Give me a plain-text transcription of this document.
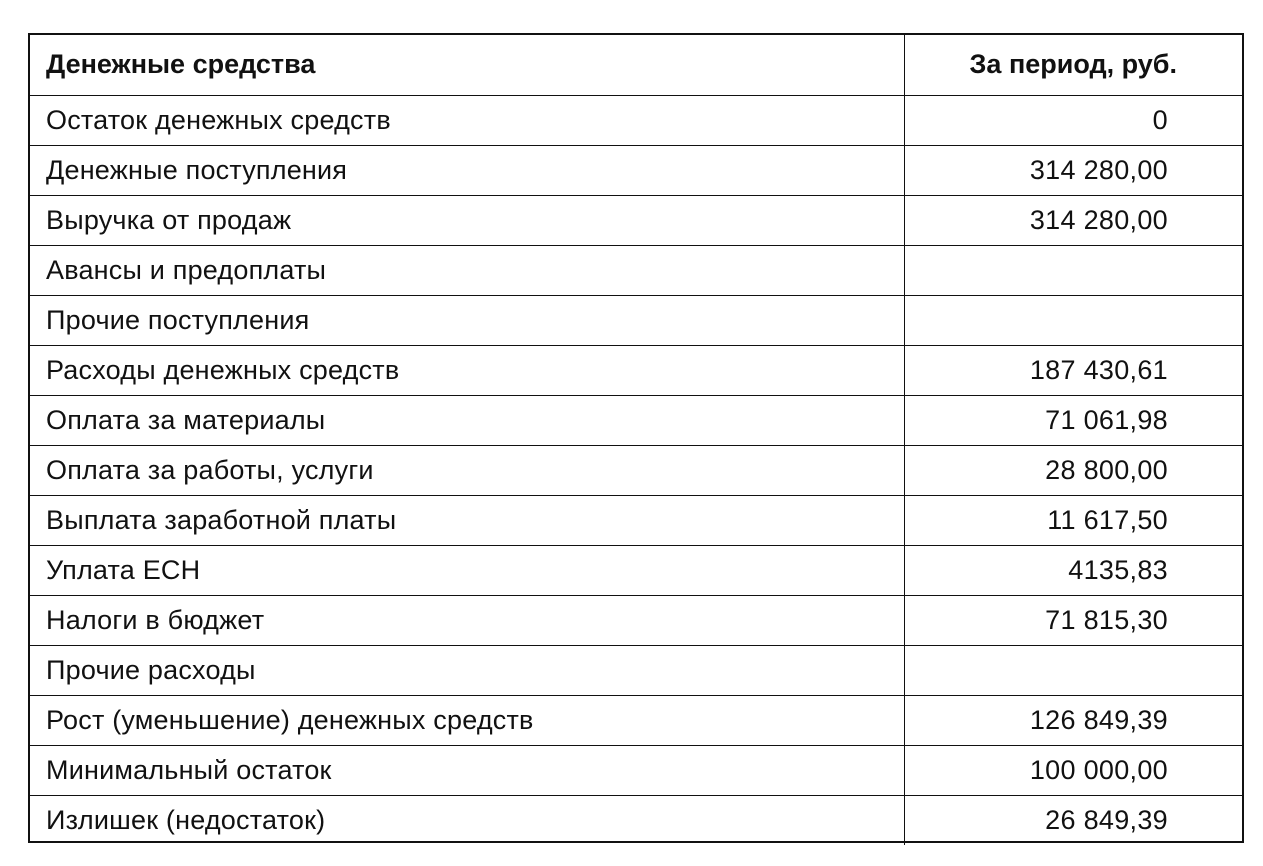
Денежные средства	За период, руб.
Остаток денежных средств	0
Денежные поступления	314 280,00
Выручка от продаж	314 280,00
Авансы и предоплаты	
Прочие поступления	
Расходы денежных средств	187 430,61
Оплата за материалы	71 061,98
Оплата за работы, услуги	28 800,00
Выплата заработной платы	11 617,50
Уплата ЕСН	4135,83
Налоги в бюджет	71 815,30
Прочие расходы	
Рост (уменьшение) денежных средств	126 849,39
Минимальный остаток	100 000,00
Излишек (недостаток)	26 849,39
